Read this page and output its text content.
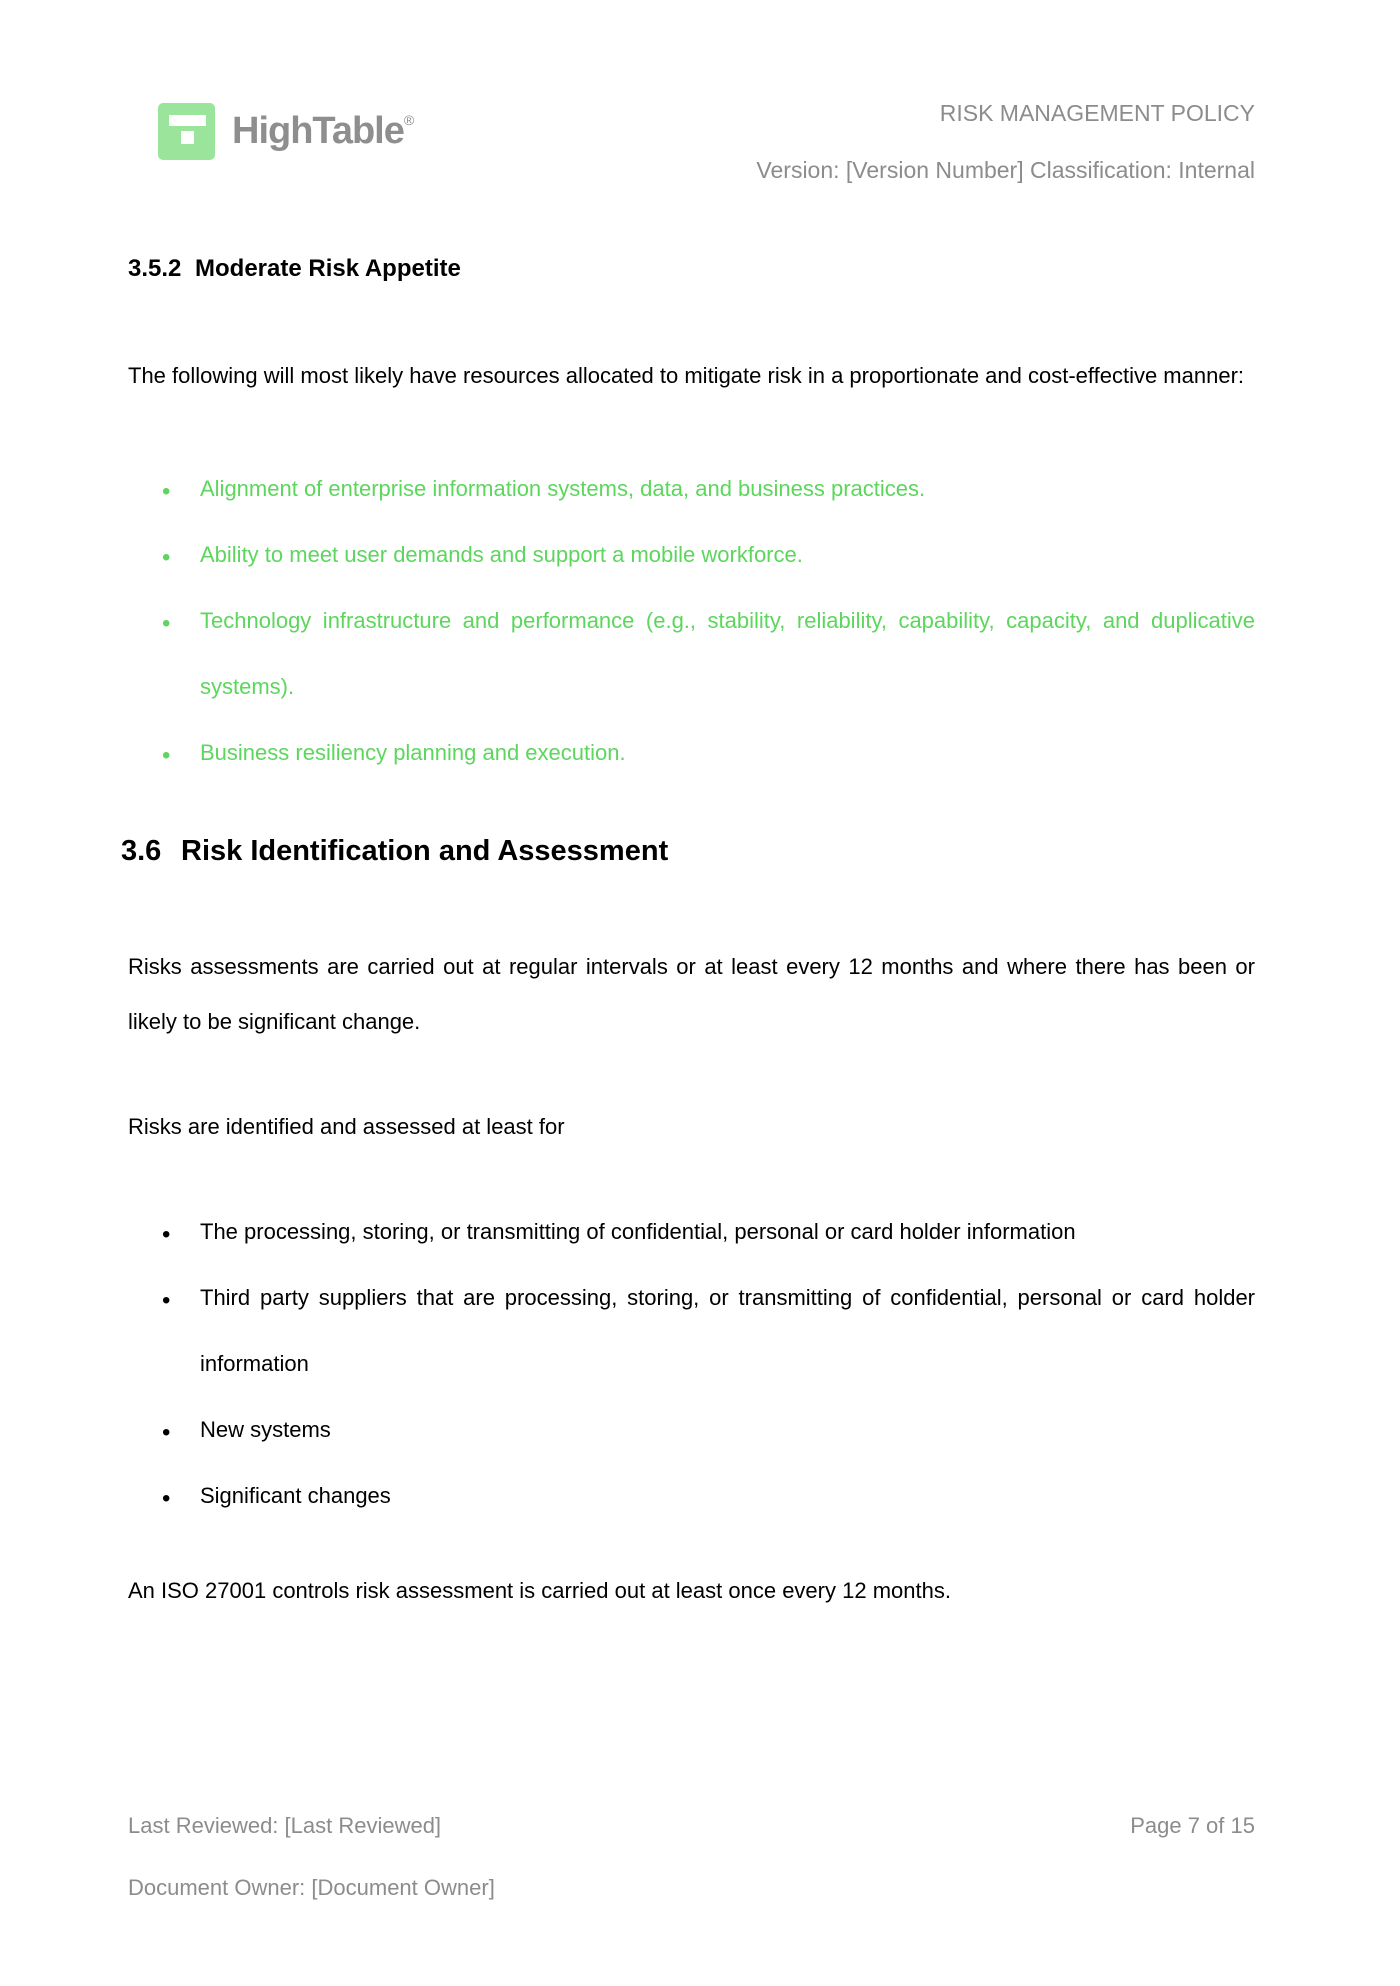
HighTable®	RISK MANAGEMENT POLICY
Version: [Version Number] Classification: Internal
3.5.2 Moderate Risk Appetite

The following will most likely have resources allocated to mitigate risk in a proportionate and cost-effective manner:

• Alignment of enterprise information systems, data, and business practices.
• Ability to meet user demands and support a mobile workforce.
• Technology infrastructure and performance (e.g., stability, reliability, capability, capacity, and duplicative systems).
• Business resiliency planning and execution.
3.6 Risk Identification and Assessment

Risks assessments are carried out at regular intervals or at least every 12 months and where there has been or likely to be significant change.

Risks are identified and assessed at least for

• The processing, storing, or transmitting of confidential, personal or card holder information
• Third party suppliers that are processing, storing, or transmitting of confidential, personal or card holder information
• New systems
• Significant changes

An ISO 27001 controls risk assessment is carried out at least once every 12 months.

Last Reviewed: [Last Reviewed]	Page 7 of 15
Document Owner: [Document Owner]
